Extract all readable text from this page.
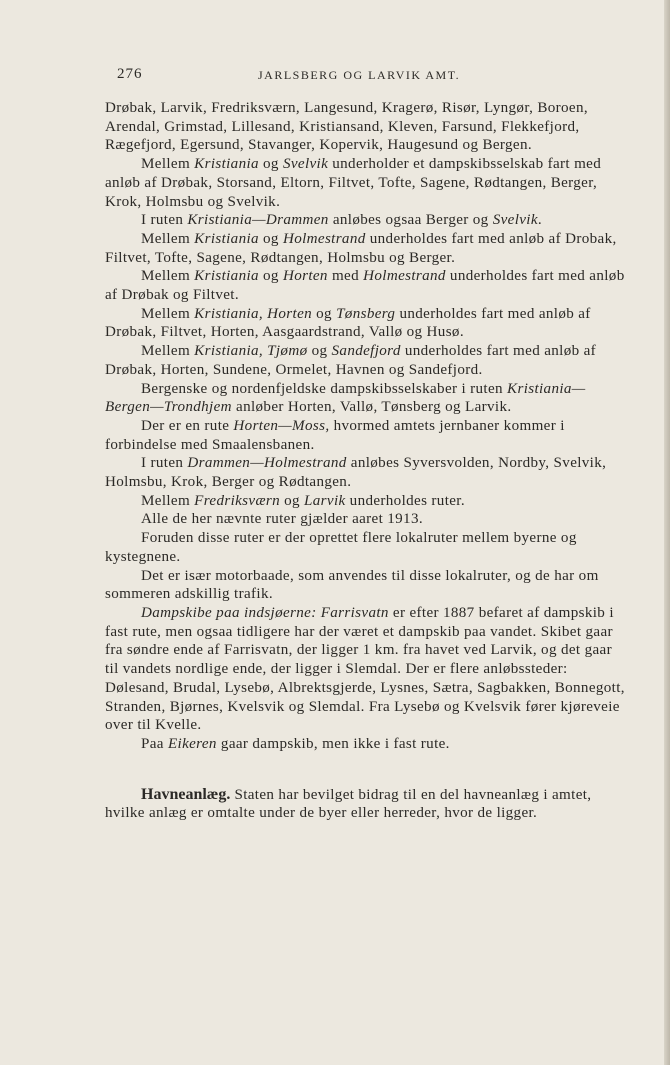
276	JARLSBERG OG LARVIK AMT.

Drøbak, Larvik, Fredriksværn, Langesund, Kragerø, Risør, Lyngør, Boroen, Arendal, Grimstad, Lillesand, Kristiansand, Kleven, Farsund, Flekkefjord, Rægefjord, Egersund, Stavanger, Kopervik, Haugesund og Bergen.

Mellem Kristiania og Svelvik underholder et dampskibsselskab fart med anløb af Drøbak, Storsand, Eltorn, Filtvet, Tofte, Sagene, Rødtangen, Berger, Krok, Holmsbu og Svelvik.

I ruten Kristiania—Drammen anløbes ogsaa Berger og Svelvik.

Mellem Kristiania og Holmestrand underholdes fart med anløb af Drobak, Filtvet, Tofte, Sagene, Rødtangen, Holmsbu og Berger.

Mellem Kristiania og Horten med Holmestrand underholdes fart med anløb af Drøbak og Filtvet.

Mellem Kristiania, Horten og Tønsberg underholdes fart med anløb af Drøbak, Filtvet, Horten, Aasgaardstrand, Vallø og Husø.

Mellem Kristiania, Tjømø og Sandefjord underholdes fart med anløb af Drøbak, Horten, Sundene, Ormelet, Havnen og Sandefjord.

Bergenske og nordenfjeldske dampskibsselskaber i ruten Kristiania—Bergen—Trondhjem anløber Horten, Vallø, Tønsberg og Larvik.

Der er en rute Horten—Moss, hvormed amtets jernbaner kommer i forbindelse med Smaalensbanen.

I ruten Drammen—Holmestrand anløbes Syversvolden, Nordby, Svelvik, Holmsbu, Krok, Berger og Rødtangen.

Mellem Fredriksværn og Larvik underholdes ruter.

Alle de her nævnte ruter gjælder aaret 1913.

Foruden disse ruter er der oprettet flere lokalruter mellem byerne og kystegnene.

Det er især motorbaade, som anvendes til disse lokalruter, og de har om sommeren adskillig trafik.

Dampskibe paa indsjøerne: Farrisvatn er efter 1887 befaret af dampskib i fast rute, men ogsaa tidligere har der været et dampskib paa vandet. Skibet gaar fra søndre ende af Farrisvatn, der ligger 1 km. fra havet ved Larvik, og det gaar til vandets nordlige ende, der ligger i Slemdal. Der er flere anløbssteder: Dølesand, Brudal, Lysebø, Albrektsgjerde, Lysnes, Sætra, Sagbakken, Bonnegott, Stranden, Bjørnes, Kvelsvik og Slemdal. Fra Lysebø og Kvelsvik fører kjøreveie over til Kvelle.

Paa Eikeren gaar dampskib, men ikke i fast rute.

Havneanlæg. Staten har bevilget bidrag til en del havneanlæg i amtet, hvilke anlæg er omtalte under de byer eller herreder, hvor de ligger.
